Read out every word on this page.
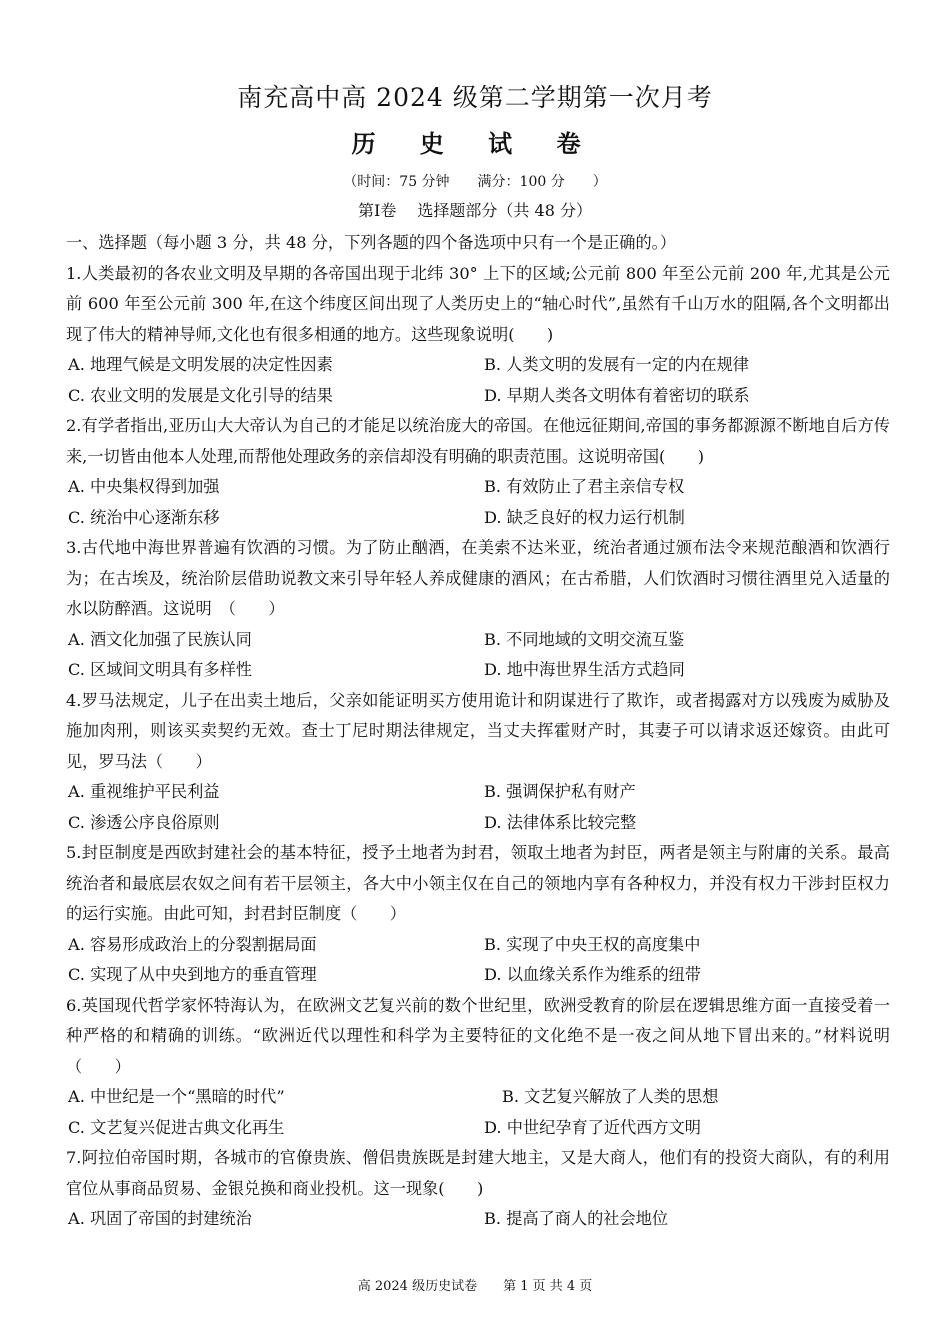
南充高中高 2024 级第二学期第一次月考
历 史 试 卷
（时间：75 分钟　　满分：100 分　　）
第Ⅰ卷　 选择题部分（共 48 分）

一、选择题（每小题 3 分，共 48 分，下列各题的四个备选项中只有一个是正确的。）

1.人类最初的各农业文明及早期的各帝国出现于北纬 30° 上下的区域;公元前 800 年至公元前 200 年,尤其是公元前 600 年至公元前 300 年,在这个纬度区间出现了人类历史上的“轴心时代”,虽然有千山万水的阻隔,各个文明都出现了伟大的精神导师,文化也有很多相通的地方。这些现象说明(　　)

A. 地理气候是文明发展的决定性因素	B. 人类文明的发展有一定的内在规律
C. 农业文明的发展是文化引导的结果	D. 早期人类各文明体有着密切的联系

2.有学者指出,亚历山大大帝认为自己的才能足以统治庞大的帝国。在他远征期间,帝国的事务都源源不断地自后方传来,一切皆由他本人处理,而帮他处理政务的亲信却没有明确的职责范围。这说明帝国(　　)

A. 中央集权得到加强	B. 有效防止了君主亲信专权
C. 统治中心逐渐东移	D. 缺乏良好的权力运行机制

3.古代地中海世界普遍有饮酒的习惯。为了防止酗酒，在美索不达米亚，统治者通过颁布法令来规范酿酒和饮酒行为；在古埃及，统治阶层借助说教文来引导年轻人养成健康的酒风；在古希腊，人们饮酒时习惯往酒里兑入适量的水以防醉酒。这说明　（　　）

A. 酒文化加强了民族认同	B. 不同地域的文明交流互鉴
C. 区域间文明具有多样性	D. 地中海世界生活方式趋同

4.罗马法规定，儿子在出卖土地后，父亲如能证明买方使用诡计和阴谋进行了欺诈，或者揭露对方以残废为威胁及施加肉刑，则该买卖契约无效。查士丁尼时期法律规定，当丈夫挥霍财产时，其妻子可以请求返还嫁资。由此可见，罗马法（　　）

A. 重视维护平民利益	B. 强调保护私有财产
C. 渗透公序良俗原则	D. 法律体系比较完整

5.封臣制度是西欧封建社会的基本特征，授予土地者为封君，领取土地者为封臣，两者是领主与附庸的关系。最高统治者和最底层农奴之间有若干层领主，各大中小领主仅在自己的领地内享有各种权力，并没有权力干涉封臣权力的运行实施。由此可知，封君封臣制度（　　）

A. 容易形成政治上的分裂割据局面	B. 实现了中央王权的高度集中
C. 实现了从中央到地方的垂直管理	D. 以血缘关系作为维系的纽带

6.英国现代哲学家怀特海认为，在欧洲文艺复兴前的数个世纪里，欧洲受教育的阶层在逻辑思维方面一直接受着一种严格的和精确的训练。“欧洲近代以理性和科学为主要特征的文化绝不是一夜之间从地下冒出来的。”材料说明（　　）

A. 中世纪是一个“黑暗的时代”	B. 文艺复兴解放了人类的思想
C. 文艺复兴促进古典文化再生	D. 中世纪孕育了近代西方文明

7.阿拉伯帝国时期，各城市的官僚贵族、僧侣贵族既是封建大地主，又是大商人，他们有的投资大商队，有的利用官位从事商品贸易、金银兑换和商业投机。这一现象(　　)

A. 巩固了帝国的封建统治	B. 提高了商人的社会地位
高 2024 级历史试卷　　第 1 页 共 4 页
